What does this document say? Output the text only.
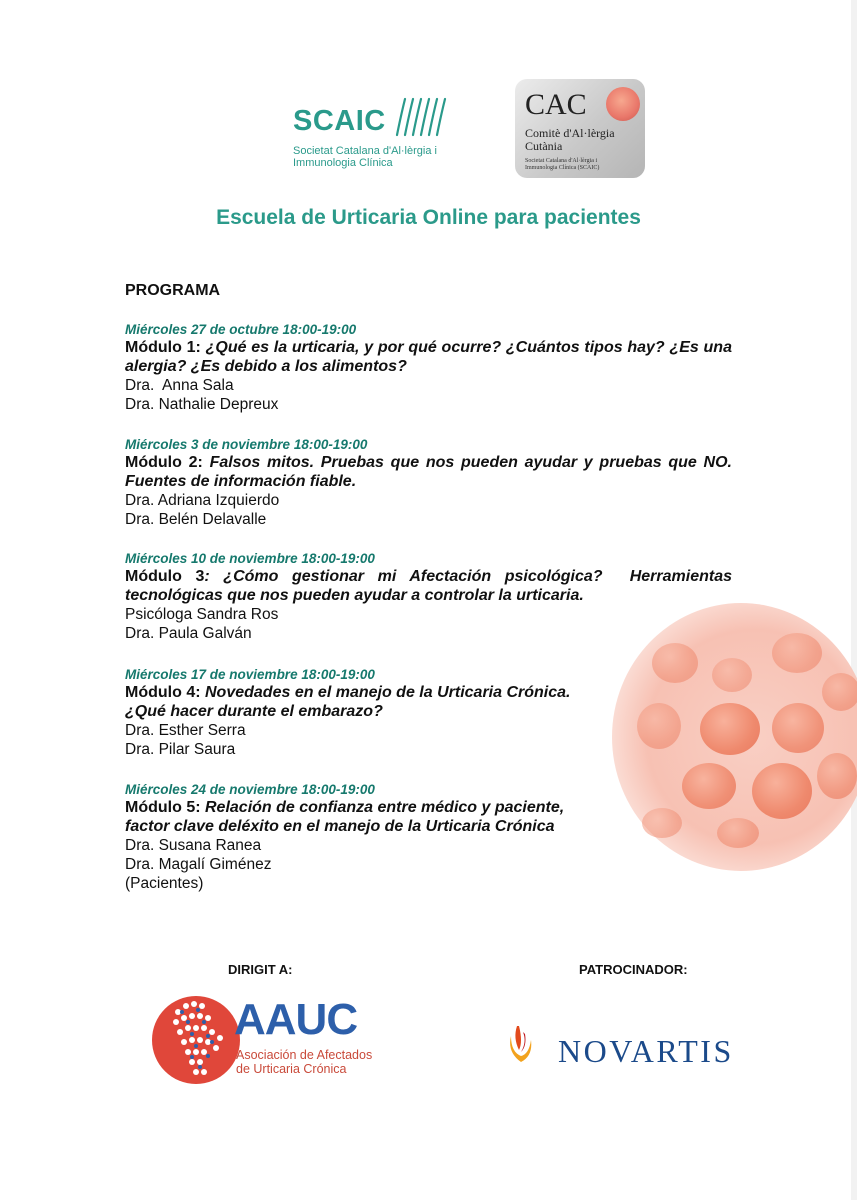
SCAIC
Societat Catalana d'Al·lèrgia i
Immunologia Clínica
CAC
Comitè d'Al·lèrgia
Cutània
Societat Catalana d'Al·lèrgia i
Immunologia Clínica (SCAIC)
Escuela de Urticaria Online para pacientes
PROGRAMA
Miércoles 27 de octubre 18:00-19:00
Módulo 1: ¿Qué es la urticaria, y por qué ocurre? ¿Cuántos tipos hay? ¿Es una alergia? ¿Es debido a los alimentos?
Dra.  Anna Sala
Dra. Nathalie Depreux
Miércoles 3 de noviembre 18:00-19:00
Módulo 2: Falsos mitos. Pruebas que nos pueden ayudar y pruebas que NO. Fuentes de información fiable.
Dra. Adriana Izquierdo
Dra. Belén Delavalle
Miércoles 10 de noviembre 18:00-19:00
Módulo 3: ¿Cómo gestionar mi Afectación psicológica?  Herramientas tecnológicas que nos pueden ayudar a controlar la urticaria.
Psicóloga Sandra Ros
Dra. Paula Galván
Miércoles 17 de noviembre 18:00-19:00
Módulo 4: Novedades en el manejo de la Urticaria Crónica. ¿Qué hacer durante el embarazo?
Dra. Esther Serra
Dra. Pilar Saura
Miércoles 24 de noviembre 18:00-19:00
Módulo 5: Relación de confianza entre médico y paciente, factor clave deléxito en el manejo de la Urticaria Crónica
Dra. Susana Ranea
Dra. Magalí Giménez
(Pacientes)
DIRIGIT A:	PATROCINADOR:
AAUC
Asociación de Afectados
de Urticaria Crónica	NOVARTIS
